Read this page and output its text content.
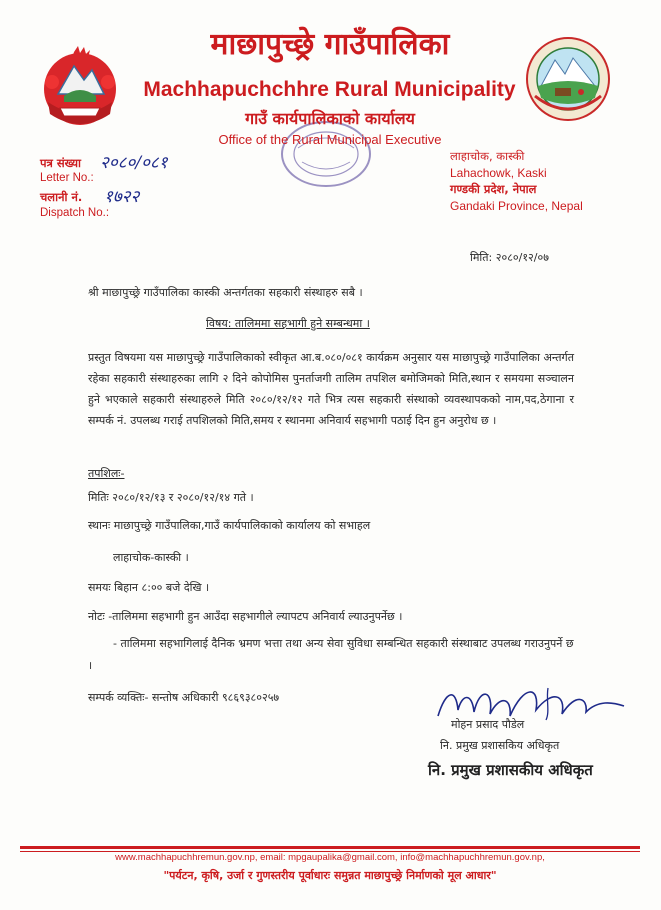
माछापुच्छ्रे गाउँपालिका
Machhapuchchhre Rural Municipality
गाउँ कार्यपालिकाको कार्यालय
Office of the Rural Municipal Executive
पत्र संख्या २०८०/०८१
Letter No.:
चलानी नं. १७२२
Dispatch No.:
लाहाचोक, कास्की
Lahachowk, Kaski
गण्डकी प्रदेश, नेपाल
Gandaki Province, Nepal
मिति: २०८०/१२/०७
श्री माछापुच्छ्रे गाउँपालिका कास्की अन्तर्गतका सहकारी संस्थाहरु सबै ।
विषय: तालिममा सहभागी हुने सम्बन्धमा ।
प्रस्तुत विषयमा यस माछापुच्छ्रे गाउँपालिकाको स्वीकृत आ.ब.०८०/०८१ कार्यक्रम अनुसार यस माछापुच्छ्रे गाउँपालिका अन्तर्गत रहेका सहकारी संस्थाहरुका लागि २ दिने कोपोमिस पुनर्ताजगी तालिम तपशिल बमोजिमको मिति,स्थान र समयमा सञ्चालन हुने भएकाले सहकारी संस्थाहरुले मिति २०८०/१२/१२ गते भित्र त्यस सहकारी संस्थाको व्यवस्थापकको नाम,पद,ठेगाना र सम्पर्क नं. उपलब्ध गराई तपशिलको मिति,समय र स्थानमा अनिवार्य सहभागी पठाई दिन हुन अनुरोध छ ।
तपशिलः-
मितिः २०८०/१२/१३ र २०८०/१२/१४ गते ।
स्थानः माछापुच्छ्रे गाउँपालिका,गाउँ कार्यपालिकाको कार्यालय को सभाहल
लाहाचोक-कास्की ।
समयः बिहान ८:०० बजे देखि ।
नोटः -तालिममा सहभागी हुन आउँदा सहभागीले ल्यापटप अनिवार्य ल्याउनुपर्नेछ ।
- तालिममा सहभागिलाई दैनिक भ्रमण भत्ता तथा अन्य सेवा सुविधा सम्बन्धित सहकारी संस्थाबाट उपलब्ध गराउनुपर्ने छ ।
सम्पर्क व्यक्तिः- सन्तोष अधिकारी ९८६९३८०२५७
मोहन प्रसाद पौडेल
नि. प्रमुख प्रशासकिय अधिकृत
नि. प्रमुख प्रशासकीय अधिकृत
www.machhapuchhremun.gov.np, email: mpgaupalika@gmail.com, info@machhapuchhremun.gov.np,
"पर्यटन, कृषि, उर्जा र गुणस्तरीय पूर्वाधारः समुन्नत माछापुच्छ्रे निर्माणको मूल आधार"
